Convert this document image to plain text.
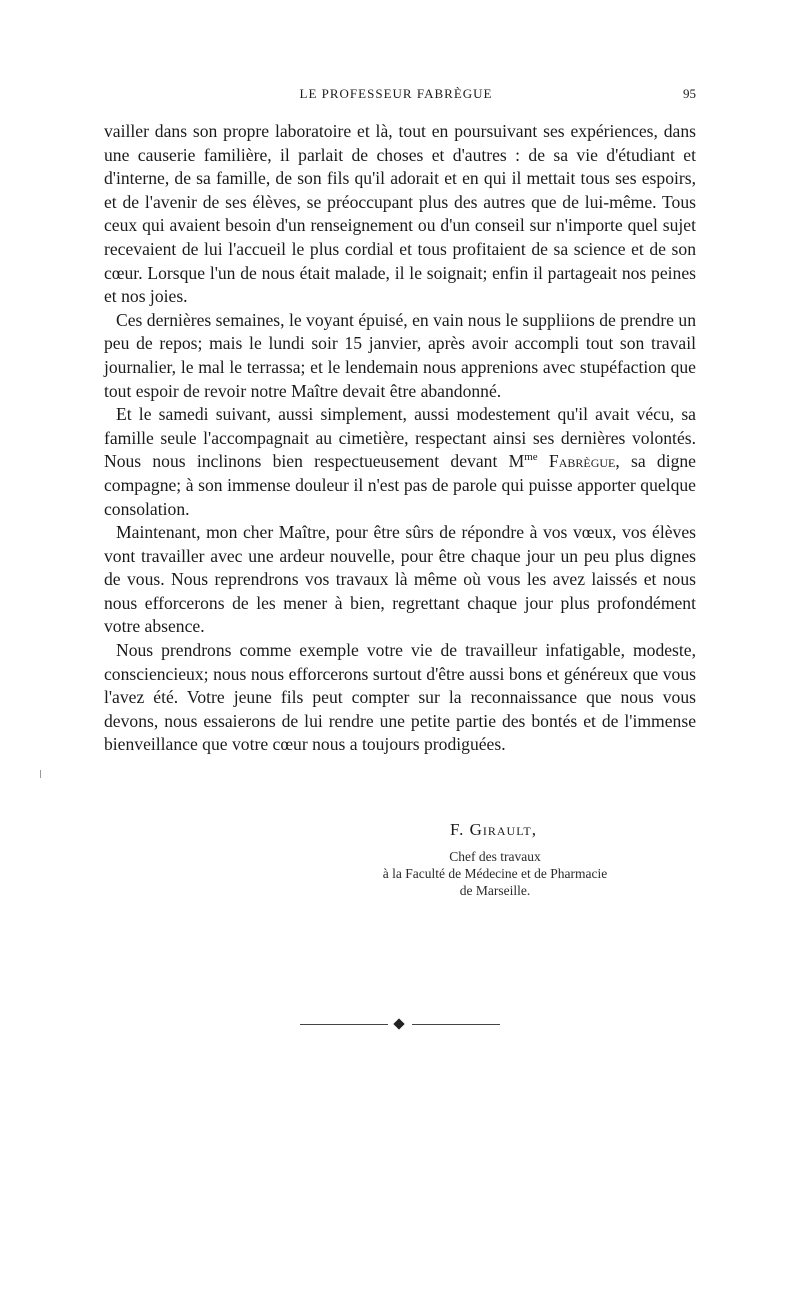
LE PROFESSEUR FABRÈGUE	95

vailler dans son propre laboratoire et là, tout en poursuivant ses expériences, dans une causerie familière, il parlait de choses et d'autres : de sa vie d'étudiant et d'interne, de sa famille, de son fils qu'il adorait et en qui il mettait tous ses espoirs, et de l'avenir de ses élèves, se préoccupant plus des autres que de lui-même. Tous ceux qui avaient besoin d'un renseignement ou d'un conseil sur n'importe quel sujet recevaient de lui l'accueil le plus cordial et tous profitaient de sa science et de son cœur. Lorsque l'un de nous était malade, il le soignait; enfin il partageait nos peines et nos joies.

Ces dernières semaines, le voyant épuisé, en vain nous le suppliions de prendre un peu de repos; mais le lundi soir 15 janvier, après avoir accompli tout son travail journalier, le mal le terrassa; et le lendemain nous apprenions avec stupéfaction que tout espoir de revoir notre Maître devait être abandonné.

Et le samedi suivant, aussi simplement, aussi modestement qu'il avait vécu, sa famille seule l'accompagnait au cimetière, respectant ainsi ses dernières volontés. Nous nous inclinons bien respectueusement devant $M^{me}$ Fabrègue, sa digne compagne; à son immense douleur il n'est pas de parole qui puisse apporter quelque consolation.

Maintenant, mon cher Maître, pour être sûrs de répondre à vos vœux, vos élèves vont travailler avec une ardeur nouvelle, pour être chaque jour un peu plus dignes de vous. Nous reprendrons vos travaux là même où vous les avez laissés et nous nous efforcerons de les mener à bien, regrettant chaque jour plus profondément votre absence.

Nous prendrons comme exemple votre vie de travailleur infatigable, modeste, consciencieux; nous nous efforcerons surtout d'être aussi bons et généreux que vous l'avez été. Votre jeune fils peut compter sur la reconnaissance que nous vous devons, nous essaierons de lui rendre une petite partie des bontés et de l'immense bienveillance que votre cœur nous a toujours prodiguées.

F. Girault,
Chef des travaux
à la Faculté de Médecine et de Pharmacie
de Marseille.
